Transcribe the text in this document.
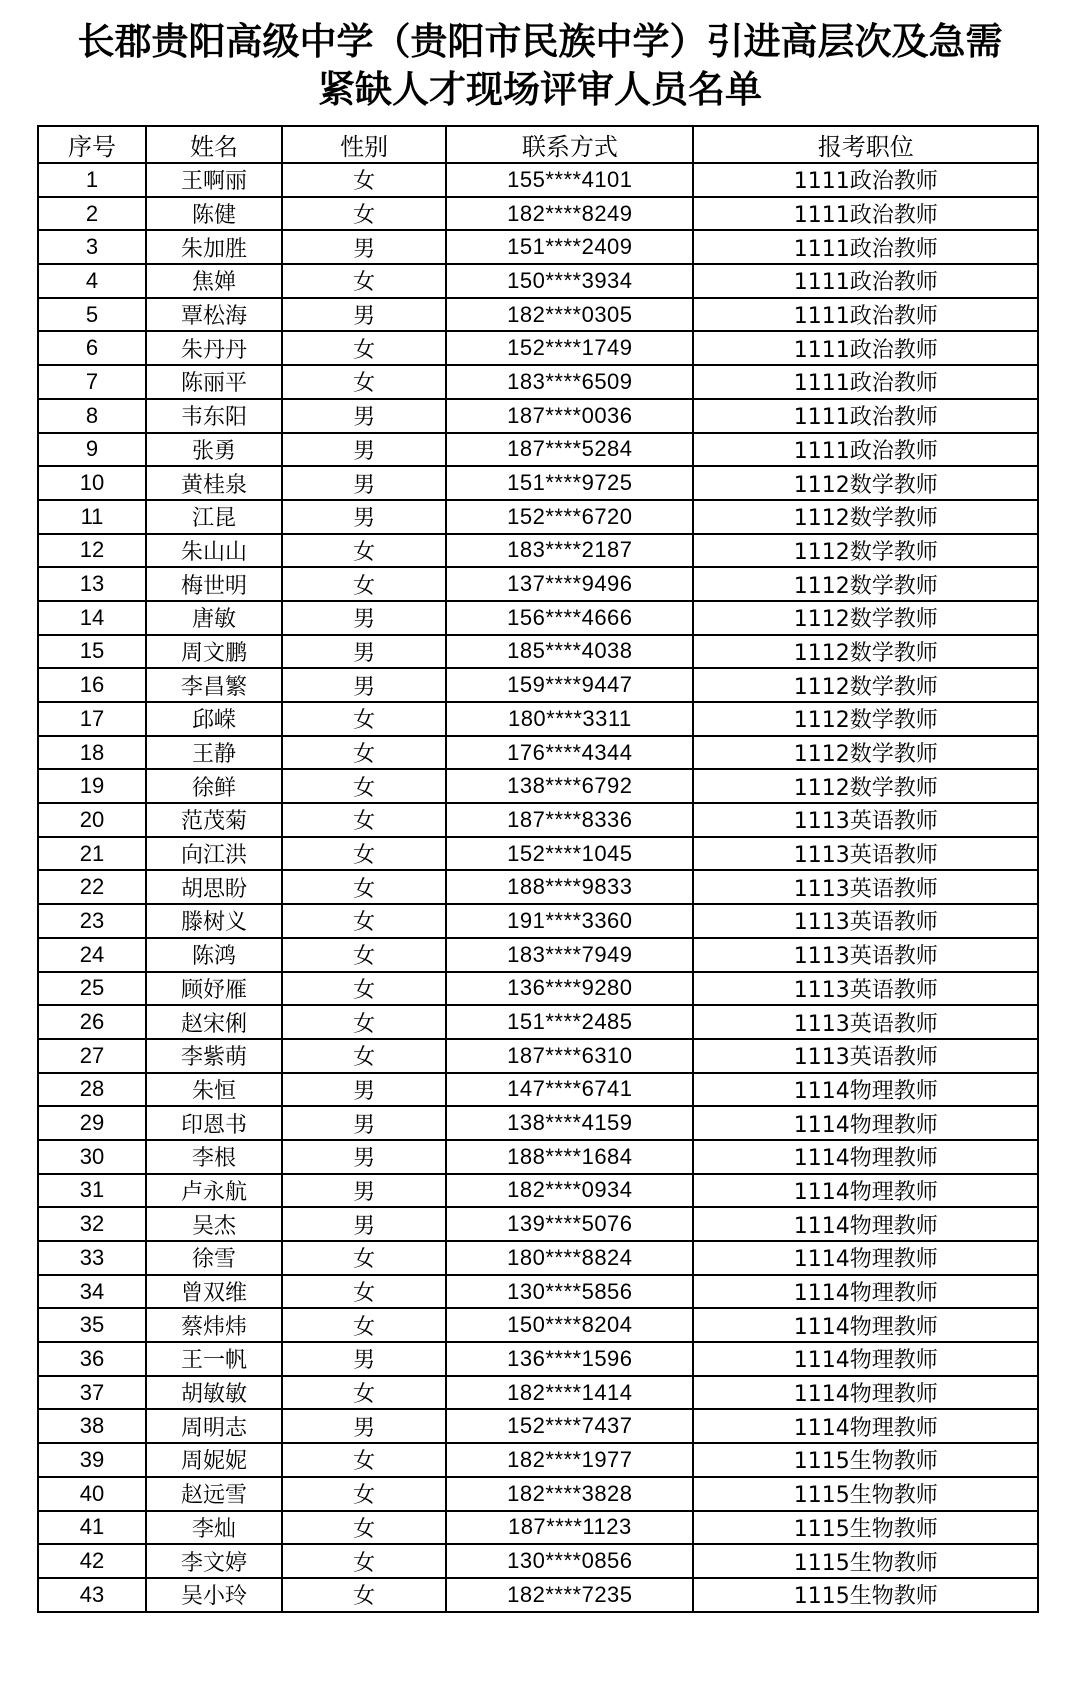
长郡贵阳高级中学（贵阳市民族中学）引进高层次及急需
紧缺人才现场评审人员名单
序号	姓名	性别	联系方式	报考职位
1	王啊丽	女	155****4101	1111政治教师
2	陈健	女	182****8249	1111政治教师
3	朱加胜	男	151****2409	1111政治教师
4	焦婵	女	150****3934	1111政治教师
5	覃松海	男	182****0305	1111政治教师
6	朱丹丹	女	152****1749	1111政治教师
7	陈丽平	女	183****6509	1111政治教师
8	韦东阳	男	187****0036	1111政治教师
9	张勇	男	187****5284	1111政治教师
10	黄桂泉	男	151****9725	1112数学教师
11	江昆	男	152****6720	1112数学教师
12	朱山山	女	183****2187	1112数学教师
13	梅世明	女	137****9496	1112数学教师
14	唐敏	男	156****4666	1112数学教师
15	周文鹏	男	185****4038	1112数学教师
16	李昌繁	男	159****9447	1112数学教师
17	邱嵘	女	180****3311	1112数学教师
18	王静	女	176****4344	1112数学教师
19	徐鲜	女	138****6792	1112数学教师
20	范茂菊	女	187****8336	1113英语教师
21	向江洪	女	152****1045	1113英语教师
22	胡思盼	女	188****9833	1113英语教师
23	滕树义	女	191****3360	1113英语教师
24	陈鸿	女	183****7949	1113英语教师
25	顾妤雁	女	136****9280	1113英语教师
26	赵宋俐	女	151****2485	1113英语教师
27	李紫萌	女	187****6310	1113英语教师
28	朱恒	男	147****6741	1114物理教师
29	印恩书	男	138****4159	1114物理教师
30	李根	男	188****1684	1114物理教师
31	卢永航	男	182****0934	1114物理教师
32	吴杰	男	139****5076	1114物理教师
33	徐雪	女	180****8824	1114物理教师
34	曾双维	女	130****5856	1114物理教师
35	蔡炜炜	女	150****8204	1114物理教师
36	王一帆	男	136****1596	1114物理教师
37	胡敏敏	女	182****1414	1114物理教师
38	周明志	男	152****7437	1114物理教师
39	周妮妮	女	182****1977	1115生物教师
40	赵远雪	女	182****3828	1115生物教师
41	李灿	女	187****1123	1115生物教师
42	李文婷	女	130****0856	1115生物教师
43	吴小玲	女	182****7235	1115生物教师
